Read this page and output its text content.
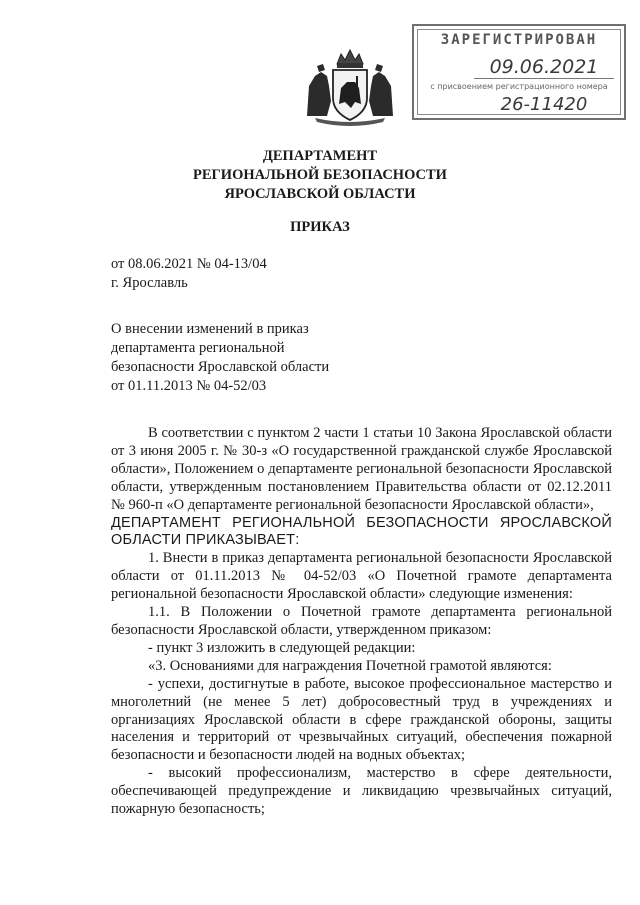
ЗАРЕГИСТРИРОВАН
09.06.2021
с присвоением регистрационного номера
26-11420
ДЕПАРТАМЕНТ
РЕГИОНАЛЬНОЙ БЕЗОПАСНОСТИ
ЯРОСЛАВСКОЙ ОБЛАСТИ
ПРИКАЗ
от 08.06.2021 № 04-13/04
г. Ярославль
О внесении изменений в приказ
департамента региональной
безопасности Ярославской области
от 01.11.2013 № 04-52/03

В соответствии с пунктом 2 части 1 статьи 10 Закона Ярославской области от 3 июня 2005 г. № 30-з «О государственной гражданской службе Ярославской области», Положением о департаменте региональной безопасности Ярославской области, утвержденным постановлением Правительства области от 02.12.2011 № 960-п «О департаменте региональной безопасности Ярославской области»,

ДЕПАРТАМЕНТ РЕГИОНАЛЬНОЙ БЕЗОПАСНОСТИ ЯРОСЛАВСКОЙ ОБЛАСТИ ПРИКАЗЫВАЕТ:

1. Внести в приказ департамента региональной безопасности Ярославской области от 01.11.2013 № 04-52/03 «О Почетной грамоте департамента региональной безопасности Ярославской области» следующие изменения:

1.1. В Положении о Почетной грамоте департамента региональной безопасности Ярославской области, утвержденном приказом:

- пункт 3 изложить в следующей редакции:

«3. Основаниями для награждения Почетной грамотой являются:

- успехи, достигнутые в работе, высокое профессиональное мастерство и многолетний (не менее 5 лет) добросовестный труд в учреждениях и организациях Ярославской области в сфере гражданской обороны, защиты населения и территорий от чрезвычайных ситуаций, обеспечения пожарной безопасности и безопасности людей на водных объектах;

- высокий профессионализм, мастерство в сфере деятельности, обеспечивающей предупреждение и ликвидацию чрезвычайных ситуаций, пожарную безопасность;
